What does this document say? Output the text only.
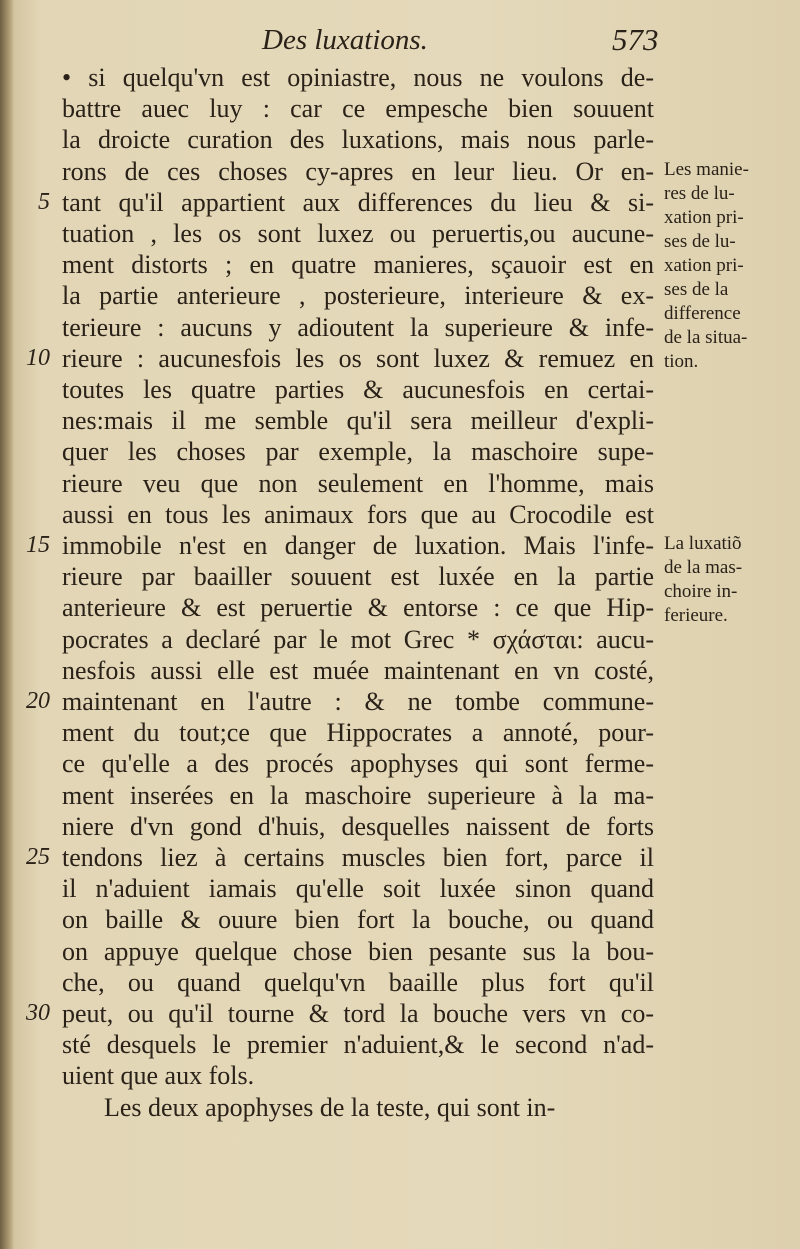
Des luxations.	573
• si quelqu'vn est opiniastre, nous ne voulons de-
battre auec luy : car ce empesche bien souuent
la droicte curation des luxations, mais nous parle-
rons de ces choses cy-apres en leur lieu. Or en-
tant qu'il appartient aux differences du lieu & si-
tuation , les os sont luxez ou peruertis,ou aucune-
ment distorts ; en quatre manieres, sçauoir est en
la partie anterieure , posterieure, interieure & ex-
terieure : aucuns y adioutent la superieure & infe-
rieure : aucunesfois les os sont luxez & remuez en
toutes les quatre parties & aucunesfois en certai-
nes:mais il me semble qu'il sera meilleur d'expli-
quer les choses par exemple, la maschoire supe-
rieure veu que non seulement en l'homme, mais
aussi en tous les animaux fors que au Crocodile est
immobile n'est en danger de luxation. Mais l'infe-
rieure par baailler souuent est luxée en la partie
anterieure & est peruertie & entorse : ce que Hip-
pocrates a declaré par le mot Grec * σχάσται: aucu-
nesfois aussi elle est muée maintenant en vn costé,
maintenant en l'autre : & ne tombe commune-
ment du tout;ce que Hippocrates a annoté, pour-
ce qu'elle a des procés apophyses qui sont ferme-
ment inserées en la maschoire superieure à la ma-
niere d'vn gond d'huis, desquelles naissent de forts
tendons liez à certains muscles bien fort, parce il
il n'aduient iamais qu'elle soit luxée sinon quand
on baille & ouure bien fort la bouche, ou quand
on appuye quelque chose bien pesante sus la bou-
che, ou quand quelqu'vn baaille plus fort qu'il
peut, ou qu'il tourne & tord la bouche vers vn co-
sté desquels le premier n'aduient,& le second n'ad-
uient que aux fols.
Les deux apophyses de la teste, qui sont in-
5
10
15
20
25
30
Les manie-
res de lu-
xation pri-
ses de lu-
xation pri-
ses de la
difference
de la situa-
tion.
La luxatiõ
de la mas-
choire in-
ferieure.
